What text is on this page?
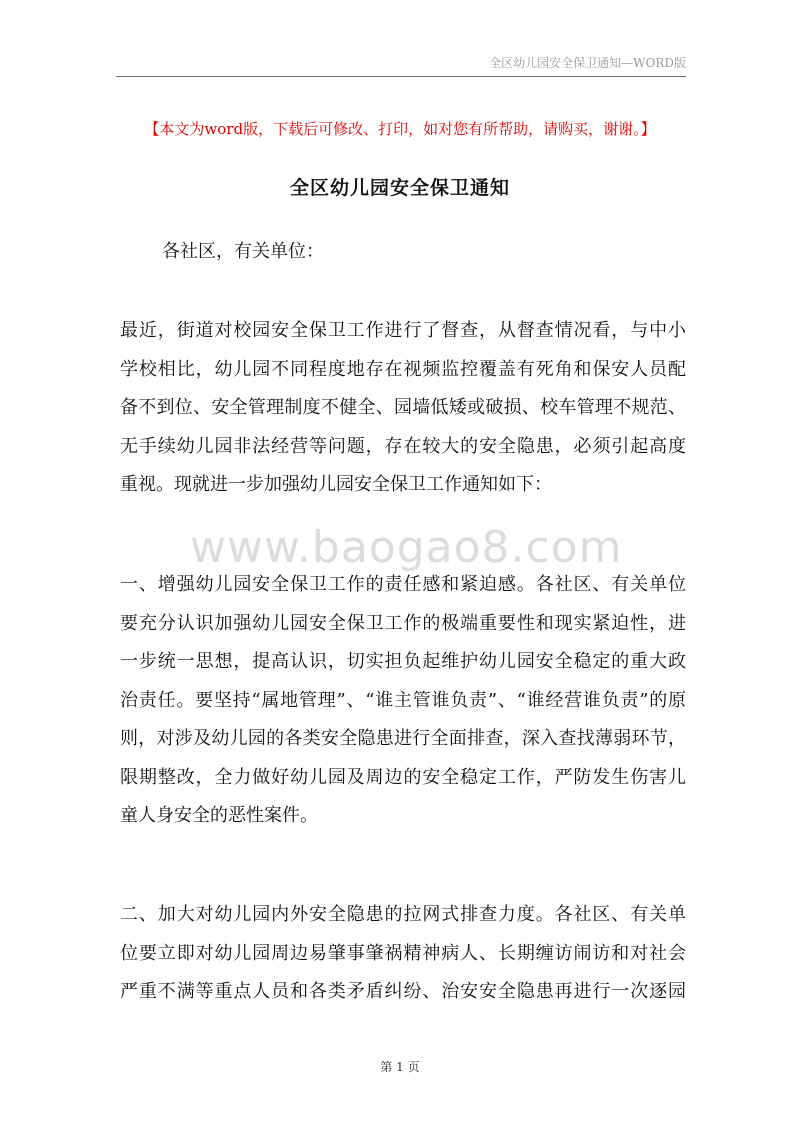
全区幼儿园安全保卫通知—WORD版
【本文为word版，下载后可修改、打印，如对您有所帮助，请购买，谢谢。】
全区幼儿园安全保卫通知
各社区，有关单位：
最近，街道对校园安全保卫工作进行了督查，从督查情况看，与中小
学校相比，幼儿园不同程度地存在视频监控覆盖有死角和保安人员配
备不到位、安全管理制度不健全、园墙低矮或破损、校车管理不规范、
无手续幼儿园非法经营等问题，存在较大的安全隐患，必须引起高度
重视。现就进一步加强幼儿园安全保卫工作通知如下：
www.baogao8.com
一、增强幼儿园安全保卫工作的责任感和紧迫感。各社区、有关单位
要充分认识加强幼儿园安全保卫工作的极端重要性和现实紧迫性，进
一步统一思想，提高认识，切实担负起维护幼儿园安全稳定的重大政
治责任。要坚持“属地管理”、“谁主管谁负责”、“谁经营谁负责”的原
则，对涉及幼儿园的各类安全隐患进行全面排查，深入查找薄弱环节，
限期整改，全力做好幼儿园及周边的安全稳定工作，严防发生伤害儿
童人身安全的恶性案件。
二、加大对幼儿园内外安全隐患的拉网式排查力度。各社区、有关单
位要立即对幼儿园周边易肇事肇祸精神病人、长期缠访闹访和对社会
严重不满等重点人员和各类矛盾纠纷、治安安全隐患再进行一次逐园
第 1 页
